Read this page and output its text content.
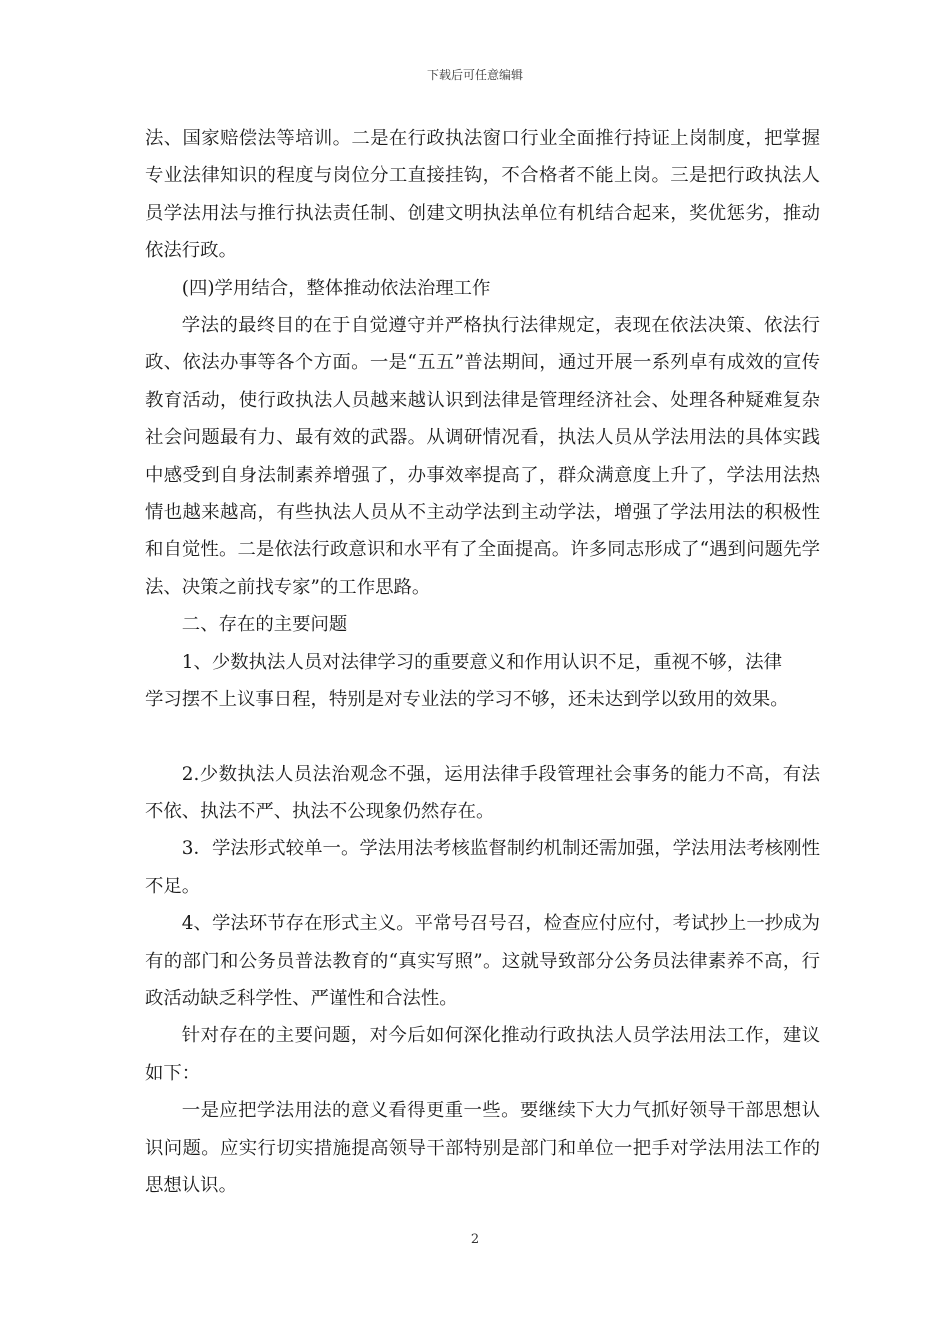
下载后可任意编辑

法、国家赔偿法等培训。二是在行政执法窗口行业全面推行持证上岗制度，把掌握专业法律知识的程度与岗位分工直接挂钩，不合格者不能上岗。三是把行政执法人员学法用法与推行执法责任制、创建文明执法单位有机结合起来，奖优惩劣，推动依法行政。

(四)学用结合，整体推动依法治理工作

学法的最终目的在于自觉遵守并严格执行法律规定，表现在依法决策、依法行政、依法办事等各个方面。一是“五五”普法期间，通过开展一系列卓有成效的宣传教育活动，使行政执法人员越来越认识到法律是管理经济社会、处理各种疑难复杂社会问题最有力、最有效的武器。从调研情况看，执法人员从学法用法的具体实践中感受到自身法制素养增强了，办事效率提高了，群众满意度上升了，学法用法热情也越来越高，有些执法人员从不主动学法到主动学法，增强了学法用法的积极性和自觉性。二是依法行政意识和水平有了全面提高。许多同志形成了“遇到问题先学法、决策之前找专家”的工作思路。

二、存在的主要问题

1、少数执法人员对法律学习的重要意义和作用认识不足，重视不够，法律

学习摆不上议事日程，特别是对专业法的学习不够，还未达到学以致用的效果。

2.少数执法人员法治观念不强，运用法律手段管理社会事务的能力不高，有法不依、执法不严、执法不公现象仍然存在。

3．学法形式较单一。学法用法考核监督制约机制还需加强，学法用法考核刚性不足。

4、学法环节存在形式主义。平常号召号召，检查应付应付，考试抄上一抄成为有的部门和公务员普法教育的“真实写照”。这就导致部分公务员法律素养不高，行政活动缺乏科学性、严谨性和合法性。

针对存在的主要问题，对今后如何深化推动行政执法人员学法用法工作，建议如下：

一是应把学法用法的意义看得更重一些。要继续下大力气抓好领导干部思想认识问题。应实行切实措施提高领导干部特别是部门和单位一把手对学法用法工作的思想认识。

2
